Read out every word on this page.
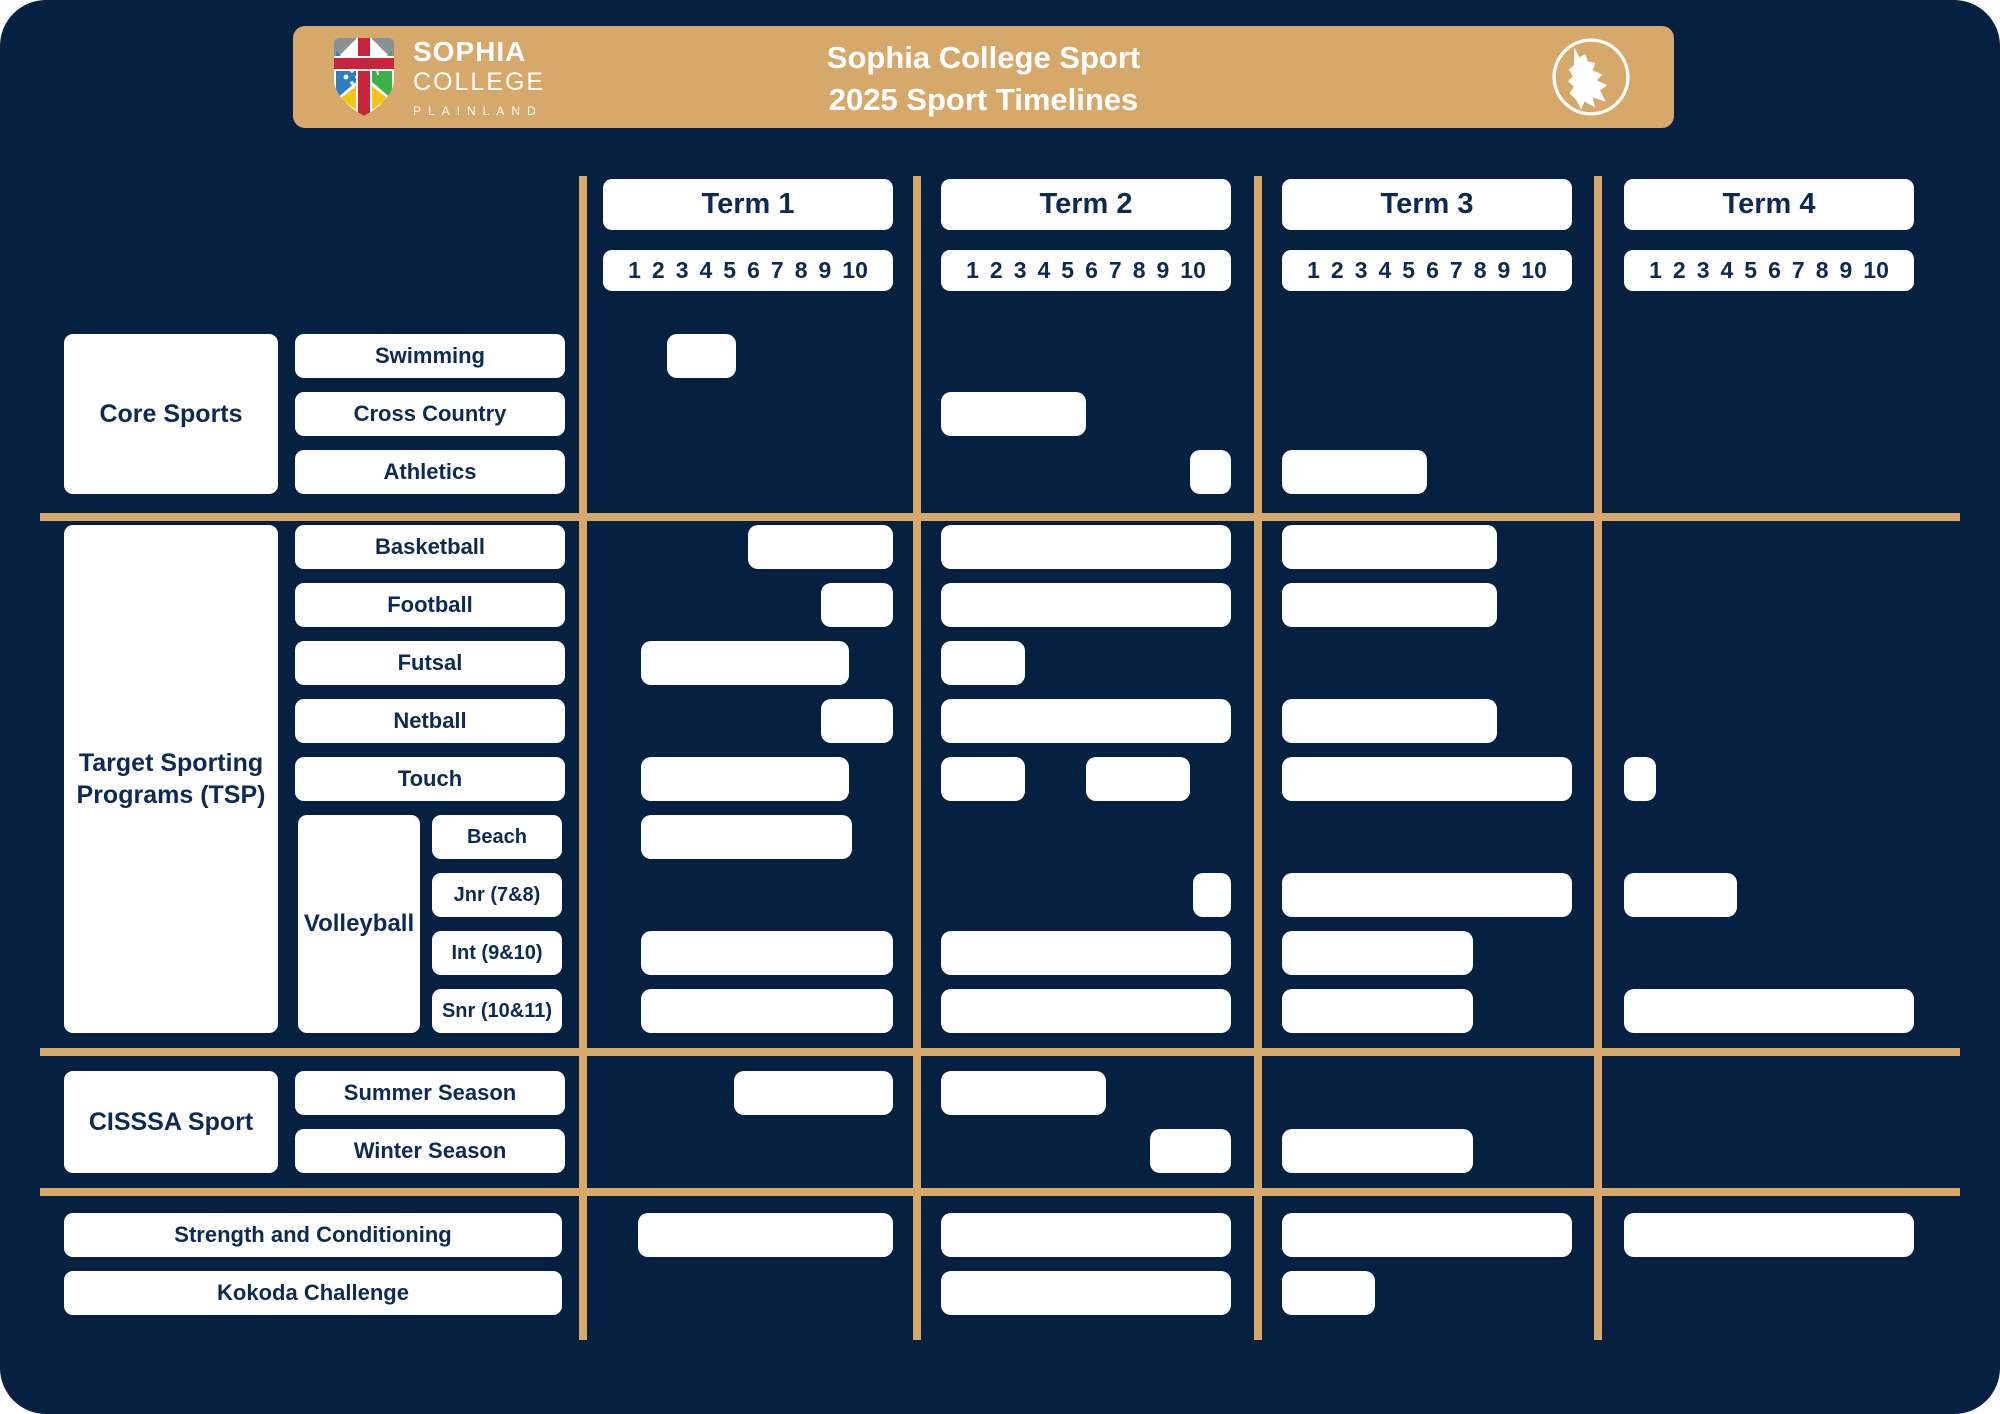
SOPHIA
COLLEGE
PLAINLAND
Sophia College Sport
2025 Sport Timelines
Term 1
1 2 3 4 5 6 7 8 9 10
Term 2
1 2 3 4 5 6 7 8 9 10
Term 3
1 2 3 4 5 6 7 8 9 10
Term 4
1 2 3 4 5 6 7 8 9 10
Core Sports
Swimming
Cross Country
Athletics
Target Sporting Programs (TSP)
Volleyball
Basketball
Football
Futsal
Netball
Touch
Beach
Jnr (7&8)
Int (9&10)
Snr (10&11)
CISSSA Sport
Summer Season
Winter Season
Strength and Conditioning
Kokoda Challenge
